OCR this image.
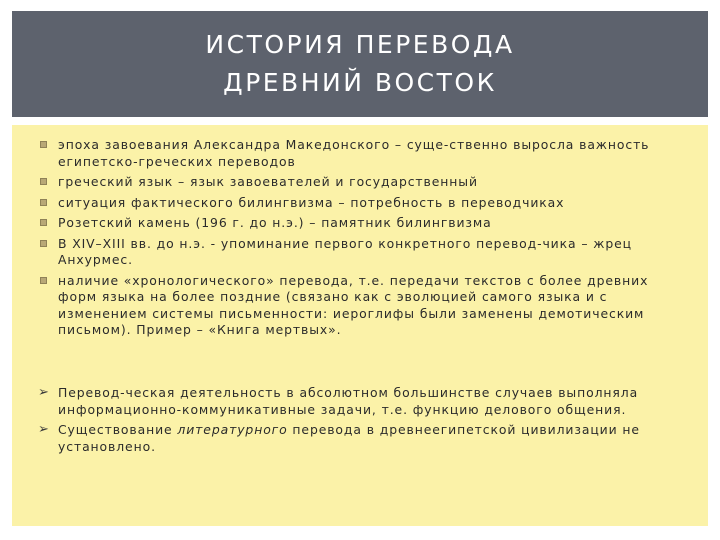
ИСТОРИЯ ПЕРЕВОДА
ДРЕВНИЙ ВОСТОК
эпоха завоевания Александра Македонского – суще-ственно выросла важность египетско-греческих переводов
греческий язык – язык завоевателей и государственный
ситуация фактического билингвизма – потребность в переводчиках
Розетский камень (196 г. до н.э.) – памятник билингвизма
В XIV–XIII вв. до н.э. - упоминание первого конкретного перевод-чика – жрец Анхурмес.
наличие «хронологического» перевода, т.е. передачи текстов с более древних форм языка на более поздние (связано как с эволюцией самого языка и с изменением системы письменности: иероглифы были заменены демотическим письмом). Пример – «Книга мертвых».
➢ Перевод-ческая деятельность в абсолютном большинстве случаев выполняла информационно-коммуникативные задачи, т.е. функцию делового общения.
➢ Существование литературного перевода в древнеегипетской цивилизации не установлено.
